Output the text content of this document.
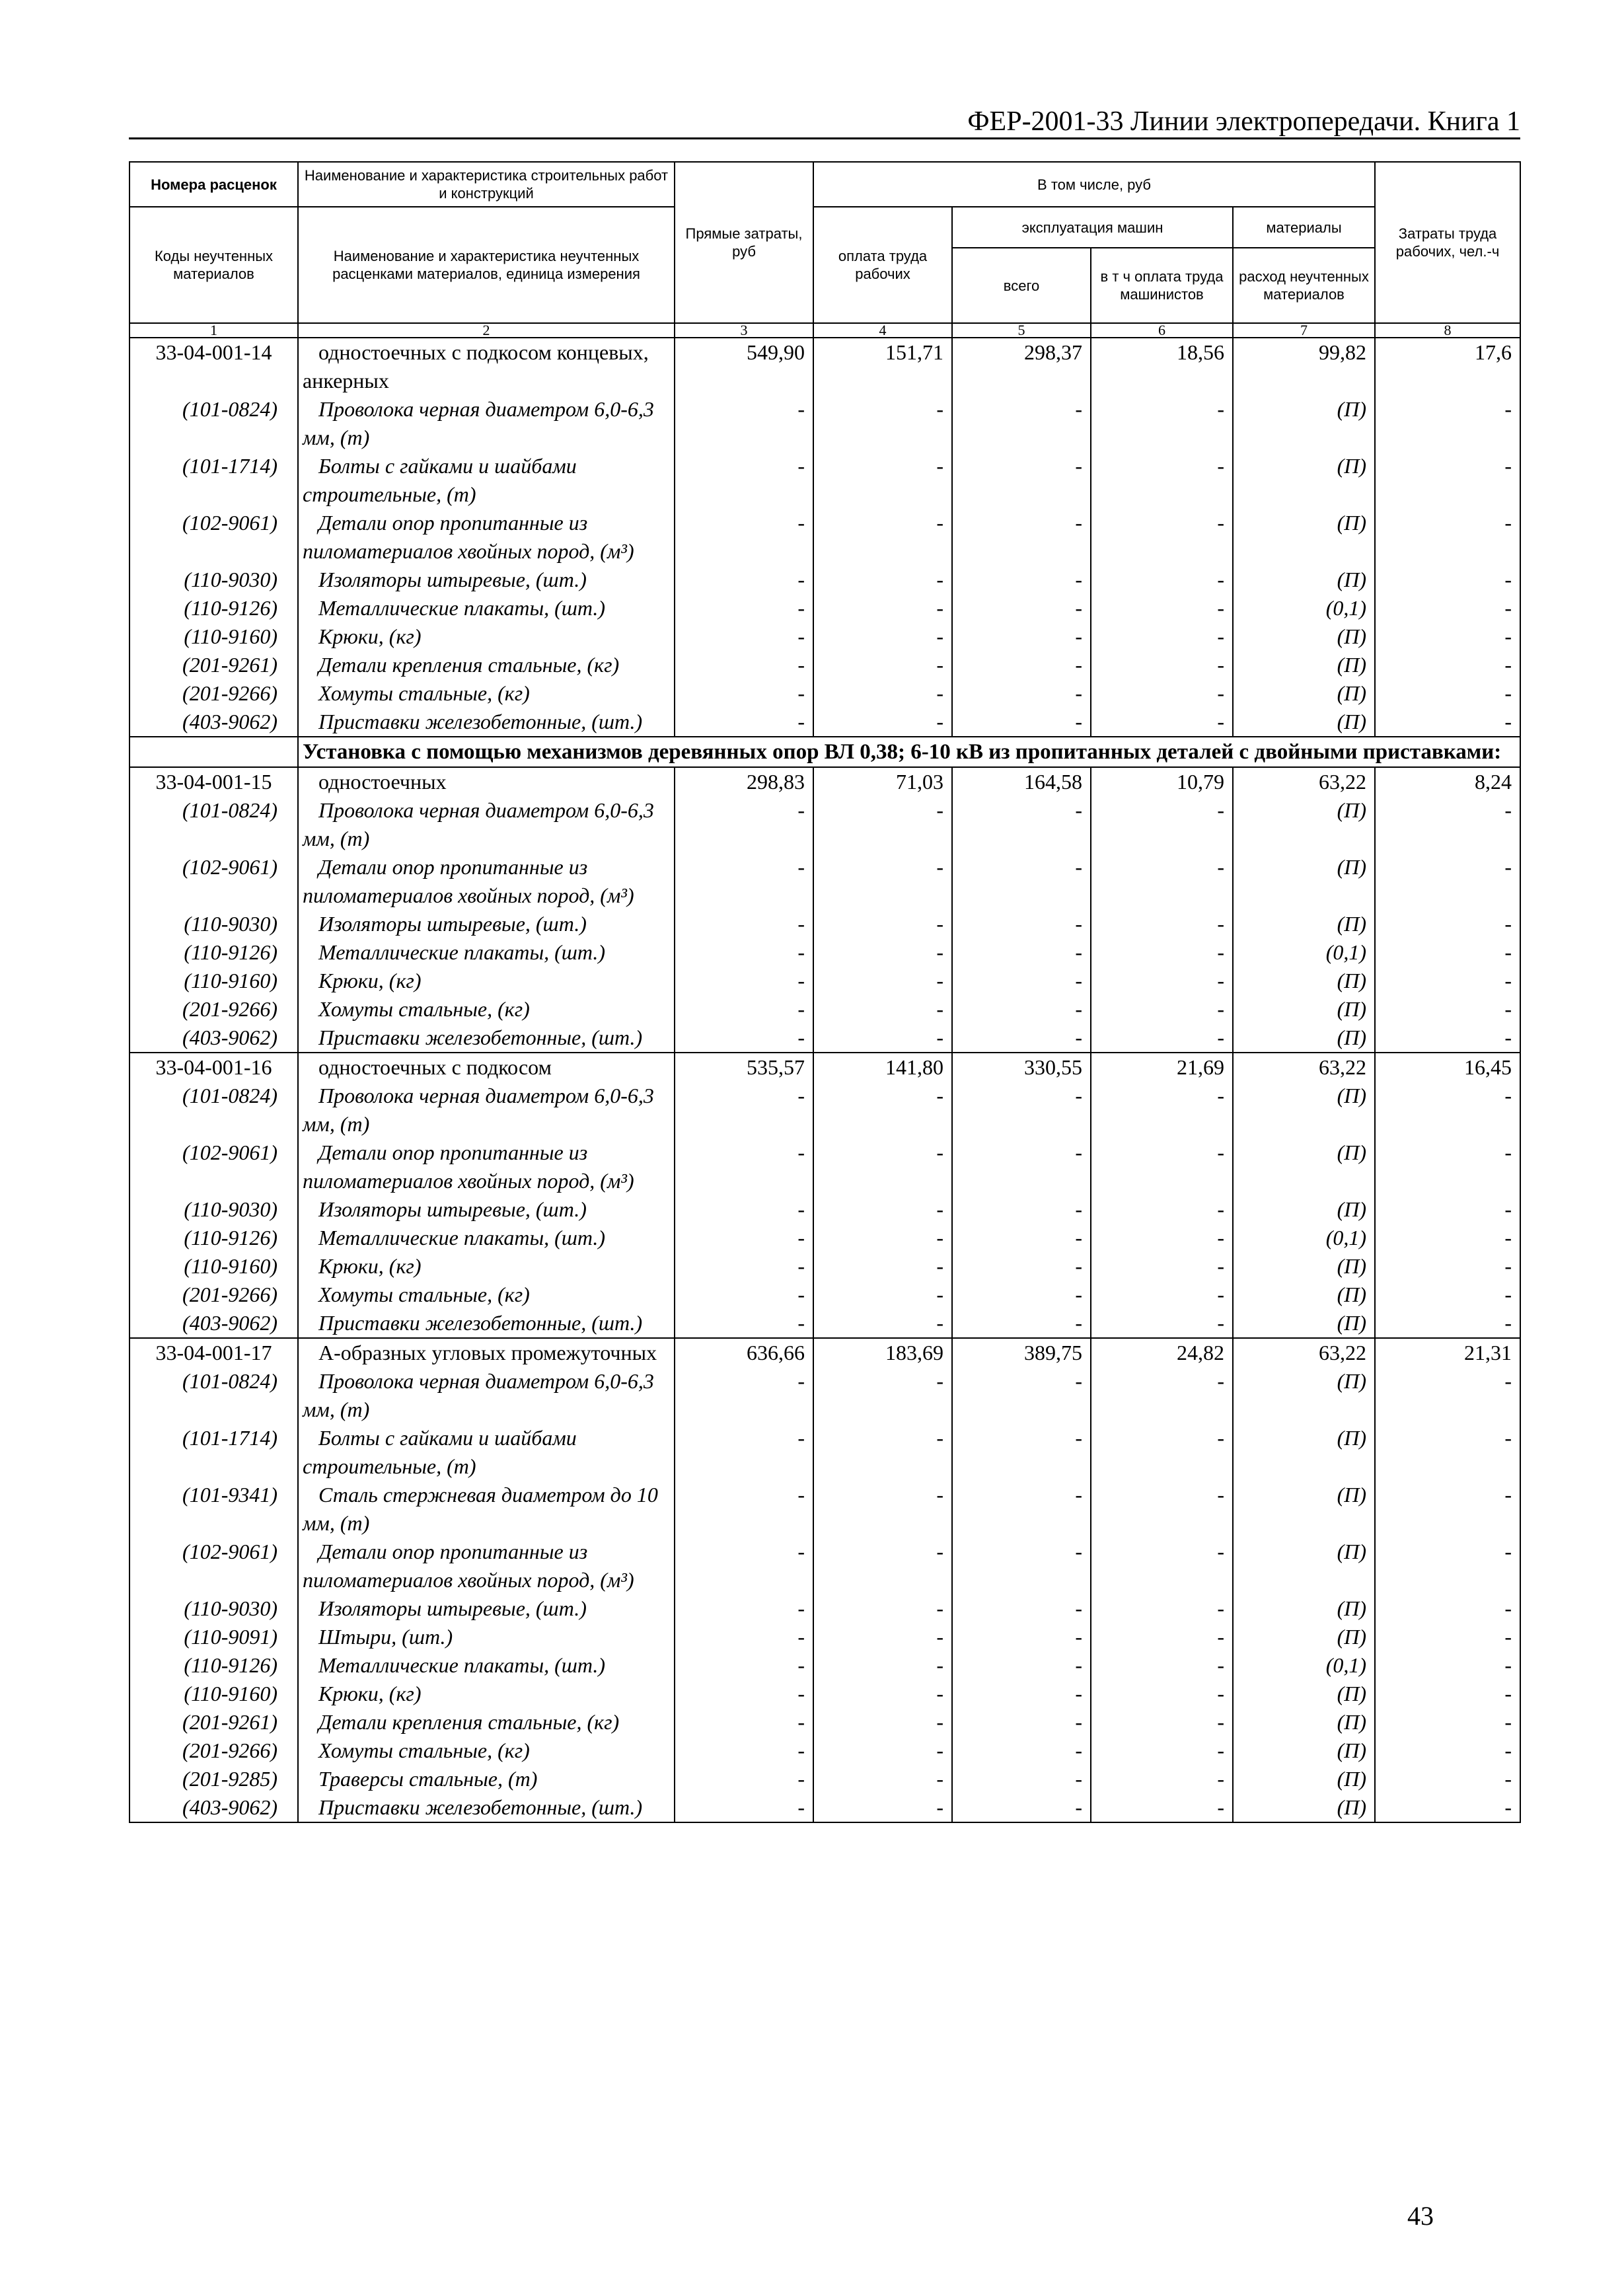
ФЕР-2001-33 Линии электропередачи. Книга 1
Номера расценок	Наименование и характеристика строительных работ и конструкций	Прямые затраты, руб	В том числе, руб				Затраты труда рабочих, чел.-ч
Коды неучтенных материалов	Наименование и характеристика неучтенных расценками материалов, единица измерения		оплата труда рабочих	эксплуатация машин		материалы	
				всего	в т ч оплата труда машинистов	расход неучтенных материалов	
1	2	3	4	5	6	7	8
33-04-001-14	одностоечных с подкосом концевых, анкерных	549,90	151,71	298,37	18,56	99,82	17,6
(101-0824)	Проволока черная диаметром 6,0-6,3 мм, (т)	-	-	-	-	(П)	-
(101-1714)	Болты с гайками и шайбами строительные, (т)	-	-	-	-	(П)	-
(102-9061)	Детали опор пропитанные из пиломатериалов хвойных пород, (м³)	-	-	-	-	(П)	-
(110-9030)	Изоляторы штыревые, (шт.)	-	-	-	-	(П)	-
(110-9126)	Металлические плакаты, (шт.)	-	-	-	-	(0,1)	-
(110-9160)	Крюки, (кг)	-	-	-	-	(П)	-
(201-9261)	Детали крепления стальные, (кг)	-	-	-	-	(П)	-
(201-9266)	Хомуты стальные, (кг)	-	-	-	-	(П)	-
(403-9062)	Приставки железобетонные, (шт.)	-	-	-	-	(П)	-
	Установка с помощью механизмов деревянных опор ВЛ 0,38; 6-10 кВ из пропитанных деталей с двойными приставками:						
33-04-001-15	одностоечных	298,83	71,03	164,58	10,79	63,22	8,24
(101-0824)	Проволока черная диаметром 6,0-6,3 мм, (т)	-	-	-	-	(П)	-
(102-9061)	Детали опор пропитанные из пиломатериалов хвойных пород, (м³)	-	-	-	-	(П)	-
(110-9030)	Изоляторы штыревые, (шт.)	-	-	-	-	(П)	-
(110-9126)	Металлические плакаты, (шт.)	-	-	-	-	(0,1)	-
(110-9160)	Крюки, (кг)	-	-	-	-	(П)	-
(201-9266)	Хомуты стальные, (кг)	-	-	-	-	(П)	-
(403-9062)	Приставки железобетонные, (шт.)	-	-	-	-	(П)	-
33-04-001-16	одностоечных с подкосом	535,57	141,80	330,55	21,69	63,22	16,45
(101-0824)	Проволока черная диаметром 6,0-6,3 мм, (т)	-	-	-	-	(П)	-
(102-9061)	Детали опор пропитанные из пиломатериалов хвойных пород, (м³)	-	-	-	-	(П)	-
(110-9030)	Изоляторы штыревые, (шт.)	-	-	-	-	(П)	-
(110-9126)	Металлические плакаты, (шт.)	-	-	-	-	(0,1)	-
(110-9160)	Крюки, (кг)	-	-	-	-	(П)	-
(201-9266)	Хомуты стальные, (кг)	-	-	-	-	(П)	-
(403-9062)	Приставки железобетонные, (шт.)	-	-	-	-	(П)	-
33-04-001-17	А-образных угловых промежуточных	636,66	183,69	389,75	24,82	63,22	21,31
(101-0824)	Проволока черная диаметром 6,0-6,3 мм, (т)	-	-	-	-	(П)	-
(101-1714)	Болты с гайками и шайбами строительные, (т)	-	-	-	-	(П)	-
(101-9341)	Сталь стержневая диаметром до 10 мм, (т)	-	-	-	-	(П)	-
(102-9061)	Детали опор пропитанные из пиломатериалов хвойных пород, (м³)	-	-	-	-	(П)	-
(110-9030)	Изоляторы штыревые, (шт.)	-	-	-	-	(П)	-
(110-9091)	Штыри, (шт.)	-	-	-	-	(П)	-
(110-9126)	Металлические плакаты, (шт.)	-	-	-	-	(0,1)	-
(110-9160)	Крюки, (кг)	-	-	-	-	(П)	-
(201-9261)	Детали крепления стальные, (кг)	-	-	-	-	(П)	-
(201-9266)	Хомуты стальные, (кг)	-	-	-	-	(П)	-
(201-9285)	Траверсы стальные, (т)	-	-	-	-	(П)	-
(403-9062)	Приставки железобетонные, (шт.)	-	-	-	-	(П)	-
43
